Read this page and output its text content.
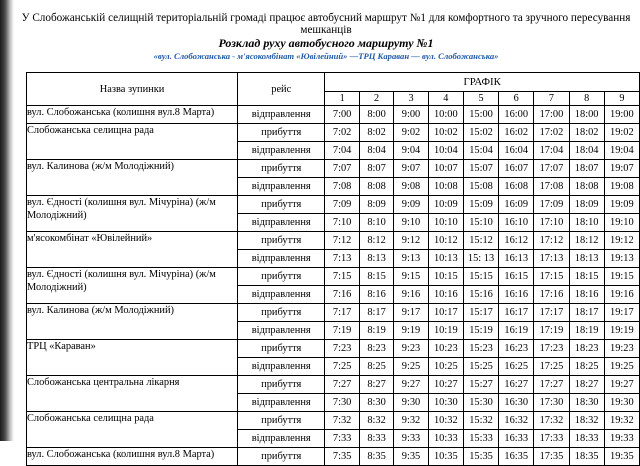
У Слобожанській селищній територіальній громаді працює автобусний маршрут №1 для комфортного та зручного пересування мешканців

Розклад руху автобусного маршруту №1

«вул. Слобожанська - м'ясокомбінат «Ювілейний» —ТРЦ Караван — вул. Слобожанська»

Назва зупинки	рейс	ГРАФІК								
		1	2	3	4	5	6	7	8	9
вул. Слобожанська (колишня вул.8 Марта)	відправлення	7:00	8:00	9:00	10:00	15:00	16:00	17:00	18:00	19:00
Слобожанська селищна рада	прибуття	7:02	8:02	9:02	10:02	15:02	16:02	17:02	18:02	19:02
	відправлення	7:04	8:04	9:04	10:04	15:04	16:04	17:04	18:04	19:04
вул. Калинова (ж/м Молодіжний)	прибуття	7:07	8:07	9:07	10:07	15:07	16:07	17:07	18:07	19:07
	відправлення	7:08	8:08	9:08	10:08	15:08	16:08	17:08	18:08	19:08
вул. Єдності (колишня вул. Мічуріна) (ж/м Молодіжний)	прибуття	7:09	8:09	9:09	10:09	15:09	16:09	17:09	18:09	19:09
	відправлення	7:10	8:10	9:10	10:10	15:10	16:10	17:10	18:10	19:10
м'ясокомбінат «Ювілейний»	прибуття	7:12	8:12	9:12	10:12	15:12	16:12	17:12	18:12	19:12
	відправлення	7:13	8:13	9:13	10:13	15: 13	16:13	17:13	18:13	19:13
вул. Єдності (колишня вул. Мічуріна) (ж/м Молодіжний)	прибуття	7:15	8:15	9:15	10:15	15:15	16:15	17:15	18:15	19:15
	відправлення	7:16	8:16	9:16	10:16	15:16	16:16	17:16	18:16	19:16
вул. Калинова (ж/м Молодіжний)	прибуття	7:17	8:17	9:17	10:17	15:17	16:17	17:17	18:17	19:17
	відправлення	7:19	8:19	9:19	10:19	15:19	16:19	17:19	18:19	19:19
ТРЦ «Караван»	прибуття	7:23	8:23	9:23	10:23	15:23	16:23	17:23	18:23	19:23
	відправлення	7:25	8:25	9:25	10:25	15:25	16:25	17:25	18:25	19:25
Слобожанська центральна лікарня	прибуття	7:27	8:27	9:27	10:27	15:27	16:27	17:27	18:27	19:27
	відправлення	7:30	8:30	9:30	10:30	15:30	16:30	17:30	18:30	19:30
Слобожанська селищна рада	прибуття	7:32	8:32	9:32	10:32	15:32	16:32	17:32	18:32	19:32
	відправлення	7:33	8:33	9:33	10:33	15:33	16:33	17:33	18:33	19:33
вул. Слобожанська (колишня вул.8 Марта)	прибуття	7:35	8:35	9:35	10:35	15:35	16:35	17:35	18:35	19:35
